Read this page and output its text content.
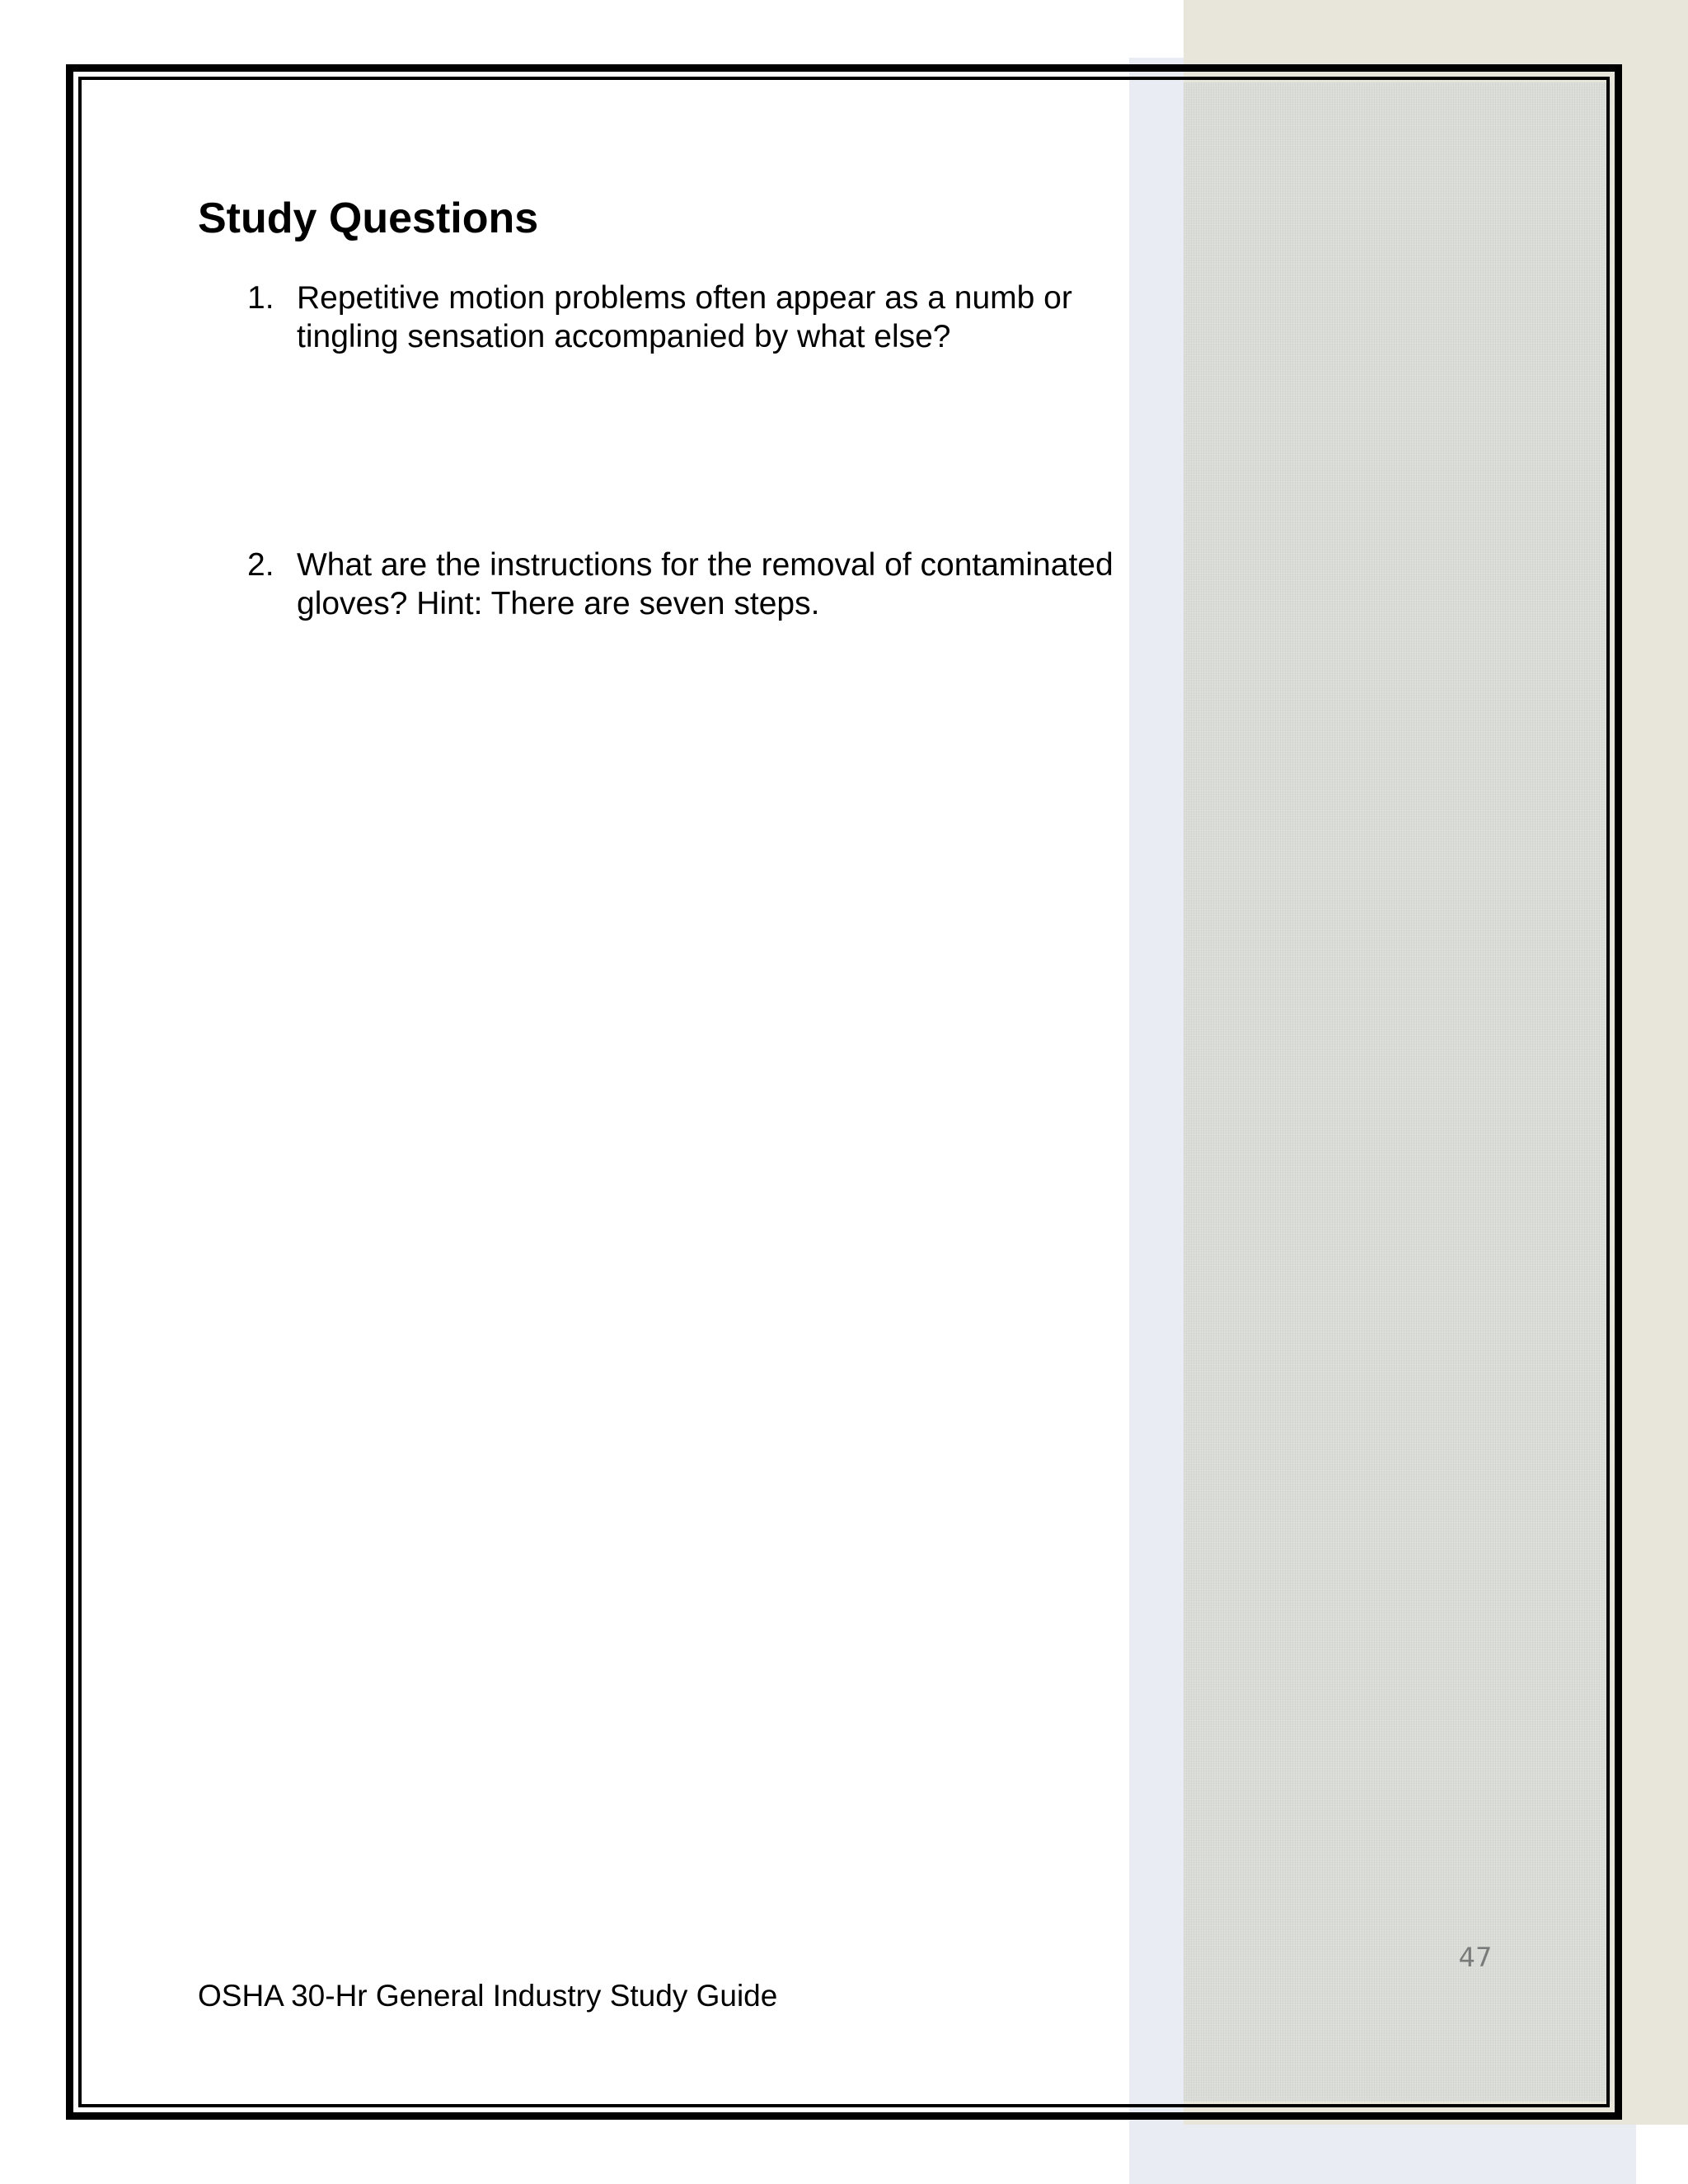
Study Questions
1. Repetitive motion problems often appear as a numb or tingling sensation accompanied by what else?
2. What are the instructions for the removal of contaminated gloves? Hint: There are seven steps.
47
OSHA 30-Hr General Industry Study Guide
